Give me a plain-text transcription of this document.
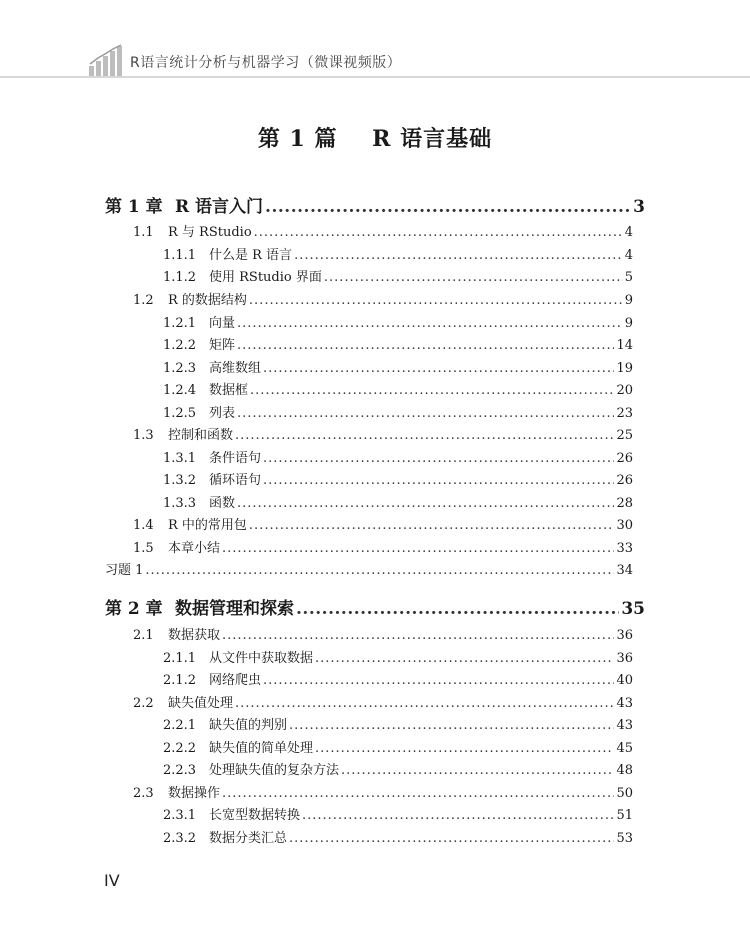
R语言统计分析与机器学习（微课视频版）
第 1 篇    R 语言基础
第 1 章 R 语言入门 .....	3
1.1	R 与 RStudio .....	4
1.1.1 什么是 R 语言 .....	4
1.1.2 使用 RStudio 界面 .....	5
1.2	R 的数据结构 .....	9
1.2.1 向量 .....	9
1.2.2 矩阵 .....	14
1.2.3 高维数组 .....	19
1.2.4 数据框 .....	20
1.2.5 列表 .....	23
1.3	控制和函数 .....	25
1.3.1 条件语句 .....	26
1.3.2 循环语句 .....	26
1.3.3 函数 .....	28
1.4	R 中的常用包 .....	30
1.5	本章小结 .....	33
习题 1 .....	34
第 2 章 数据管理和探索 .....	35
2.1	数据获取 .....	36
2.1.1 从文件中获取数据 .....	36
2.1.2 网络爬虫 .....	40
2.2	缺失值处理 .....	43
2.2.1 缺失值的判别 .....	43
2.2.2 缺失值的简单处理 .....	45
2.2.3 处理缺失值的复杂方法 .....	48
2.3	数据操作 .....	50
2.3.1 长宽型数据转换 .....	51
2.3.2 数据分类汇总 .....	53
IV
